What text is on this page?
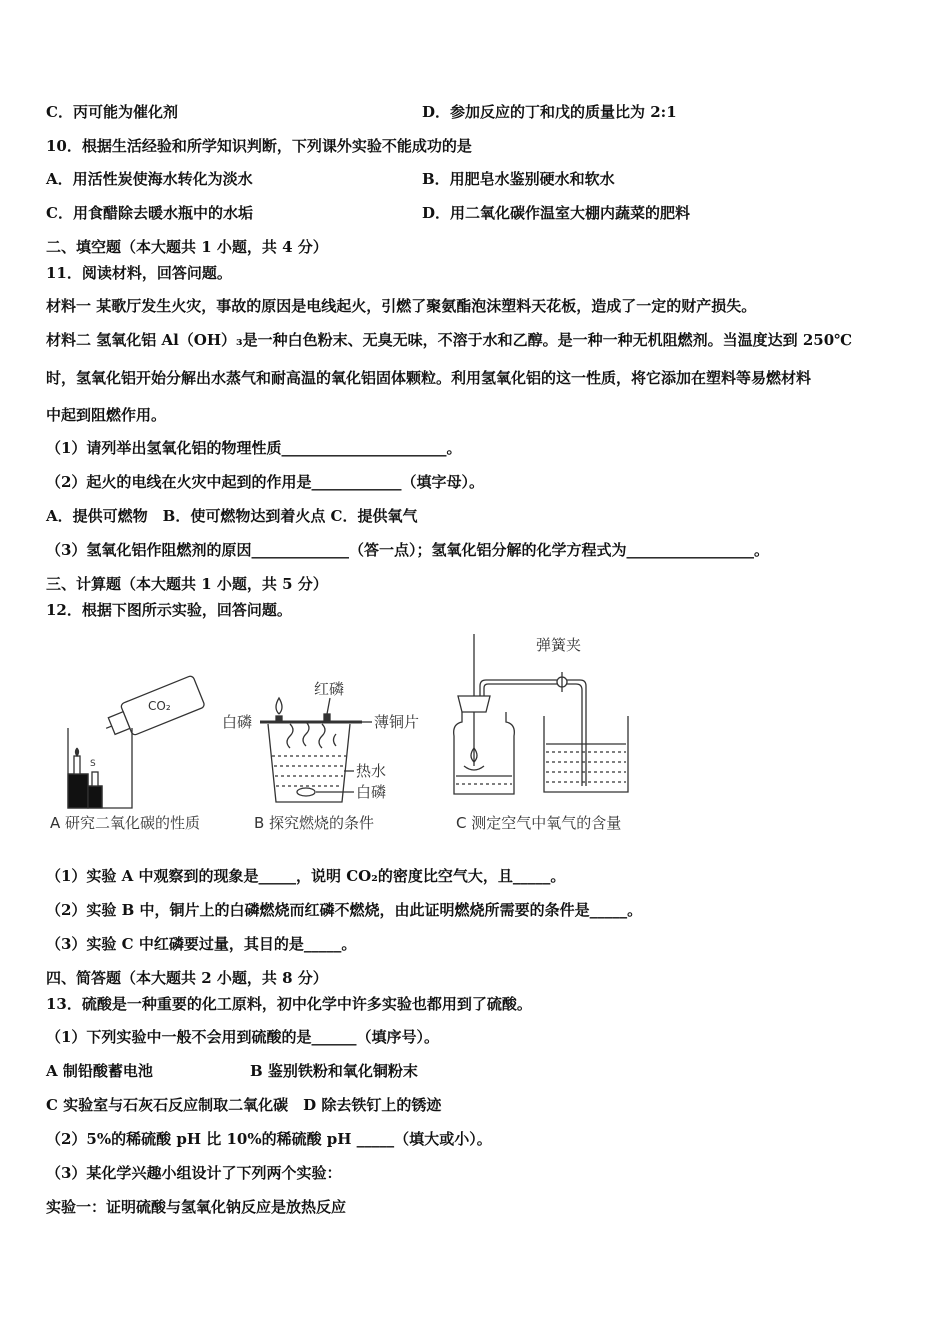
C．丙可能为催化剂	D．参加反应的丁和戊的质量比为 2:1
10．根据生活经验和所学知识判断，下列课外实验不能成功的是
A．用活性炭使海水转化为淡水	B．用肥皂水鉴别硬水和软水
C．用食醋除去暖水瓶中的水垢	D．用二氧化碳作温室大棚内蔬菜的肥料
二、填空题（本大题共 1 小题，共 4 分）
11．阅读材料，回答问题。
材料一 某歌厅发生火灾，事故的原因是电线起火，引燃了聚氨酯泡沫塑料天花板，造成了一定的财产损失。
材料二 氢氧化铝 Al（OH）₃是一种白色粉末、无臭无味，不溶于水和乙醇。是一种一种无机阻燃剂。当温度达到 250℃
时，氢氧化铝开始分解出水蒸气和耐高温的氧化铝固体颗粒。利用氢氧化铝的这一性质，将它添加在塑料等易燃材料
中起到阻燃作用。
（1）请列举出氢氧化铝的物理性质______________________。
（2）起火的电线在火灾中起到的作用是____________（填字母）。
A．提供可燃物　B．使可燃物达到着火点 C．提供氧气
（3）氢氧化铝作阻燃剂的原因_____________（答一点）；氢氧化铝分解的化学方程式为_________________。
三、计算题（本大题共 1 小题，共 5 分）
12．根据下图所示实验，回答问题。
CO₂
S
红磷
白磷	薄铜片
热水
白磷
弹簧夹
A 研究二氧化碳的性质	B 探究燃烧的条件	C 测定空气中氧气的含量
（1）实验 A 中观察到的现象是_____，说明 CO₂的密度比空气大，且_____。
（2）实验 B 中，铜片上的白磷燃烧而红磷不燃烧，由此证明燃烧所需要的条件是_____。
（3）实验 C 中红磷要过量，其目的是_____。
四、简答题（本大题共 2 小题，共 8 分）
13．硫酸是一种重要的化工原料，初中化学中许多实验也都用到了硫酸。
（1）下列实验中一般不会用到硫酸的是______（填序号）。
A 制铅酸蓄电池	B 鉴别铁粉和氧化铜粉末
C 实验室与石灰石反应制取二氧化碳　D 除去铁钉上的锈迹
（2）5%的稀硫酸 pH 比 10%的稀硫酸 pH _____（填大或小）。
（3）某化学兴趣小组设计了下列两个实验：
实验一：证明硫酸与氢氧化钠反应是放热反应
